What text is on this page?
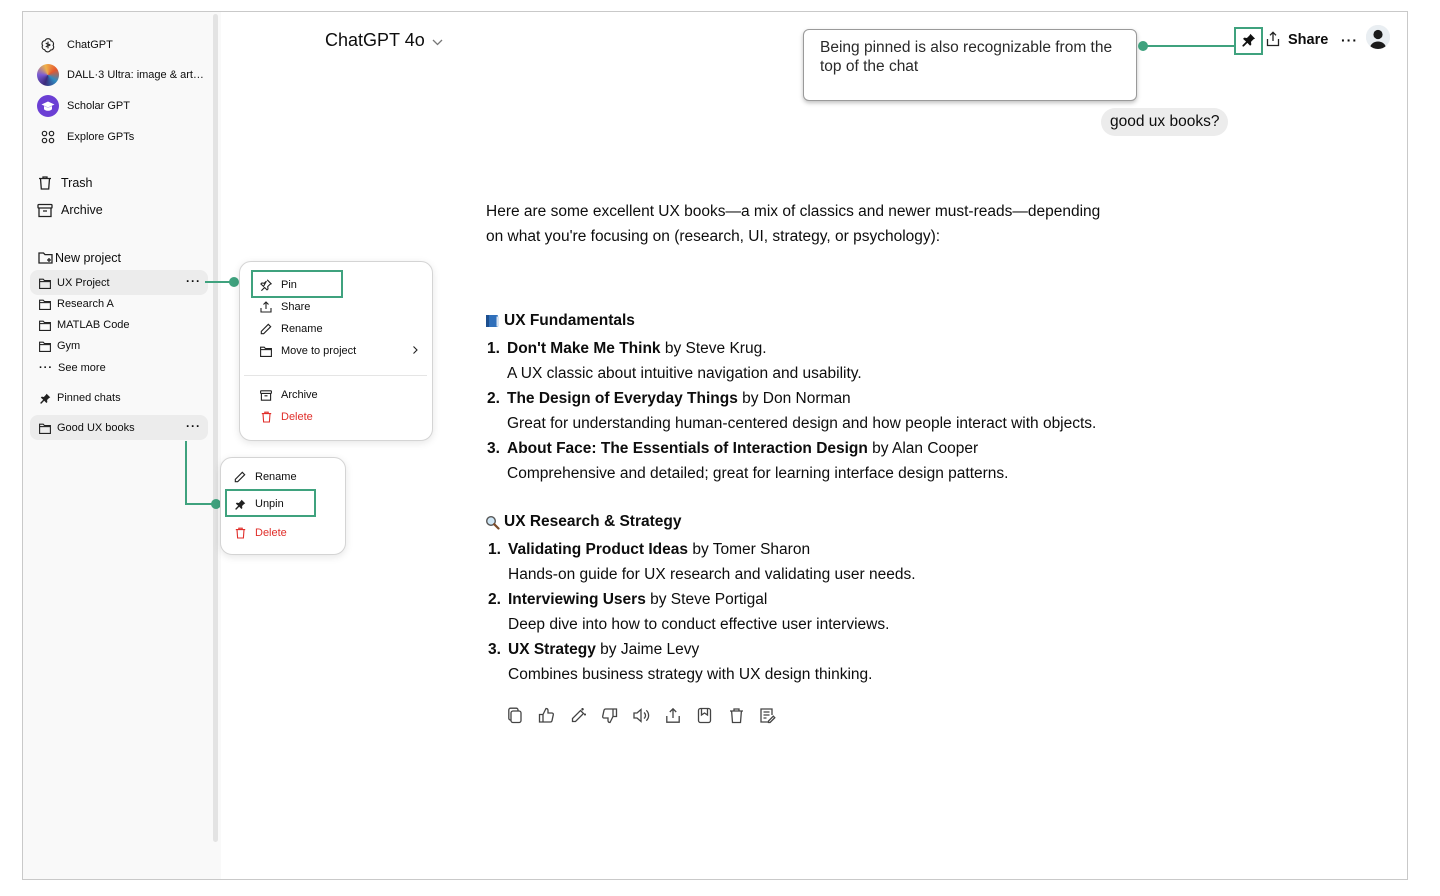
ChatGPT
DALL·3 Ultra: image & art…
Scholar GPT
Explore GPTs
Trash
Archive
New project
UX Project	···
Research A
MATLAB Code
Gym
··· See more
Pinned chats
Good UX books	···
Pin
Share
Rename
Move to project
Archive
Delete
Rename
Unpin
Delete
ChatGPT 4o	Being pinned is also recognizable from the top of the chat
Share ···
good ux books?
Here are some excellent UX books—a mix of classics and newer must-reads—depending on what you're focusing on (research, UI, strategy, or psychology):
UX Fundamentals
1. Don't Make Me Think by Steve Krug.
A UX classic about intuitive navigation and usability.
2. The Design of Everyday Things by Don Norman
Great for understanding human-centered design and how people interact with objects.
3. About Face: The Essentials of Interaction Design by Alan Cooper
Comprehensive and detailed; great for learning interface design patterns.
UX Research & Strategy
1. Validating Product Ideas by Tomer Sharon
Hands-on guide for UX research and validating user needs.
2. Interviewing Users by Steve Portigal
Deep dive into how to conduct effective user interviews.
3. UX Strategy by Jaime Levy
Combines business strategy with UX design thinking.
